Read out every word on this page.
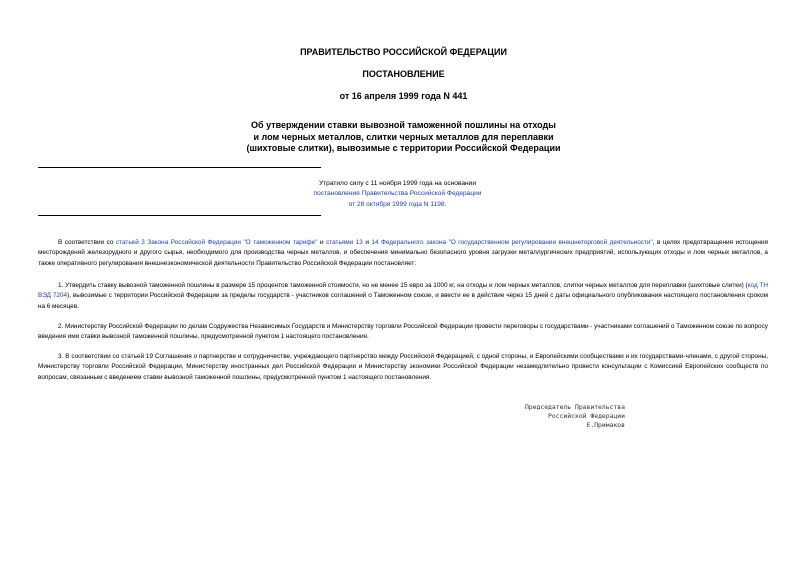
ПРАВИТЕЛЬСТВО РОССИЙСКОЙ ФЕДЕРАЦИИ
ПОСТАНОВЛЕНИЕ
от 16 апреля 1999 года N 441
Об утверждении ставки вывозной таможенной пошлины на отходы
и лом черных металлов, слитки черных металлов для переплавки
(шихтовые слитки), вывозимые с территории Российской Федерации
Утратило силу с 11 ноября 1999 года на основании
постановления Правительства Российской Федерации
от 28 октября 1999 года N 1198.
В соответствии со статьей 3 Закона Российской Федерации "О таможенном тарифе" и статьями 13 и 14 Федерального закона "О государственном регулировании внешнеторговой деятельности", в целях предотвращения истощения месторождений железорудного и другого сырья, необходимого для производства черных металлов, и обеспечения минимально безопасного уровня загрузки металлургических предприятий, использующих отходы и лом черных металлов, а также оперативного регулирования внешнеэкономической деятельности Правительство Российской Федерации постановляет:
1. Утвердить ставку вывозной таможенной пошлины в размере 15 процентов таможенной стоимости, но не менее 15 евро за 1000 кг, на отходы и лом черных металлов, слитки черных металлов для переплавки (шихтовые слитки) (код ТН ВЭД 7204), вывозимые с территории Российской Федерации за пределы государств - участников соглашений о Таможенном союзе, и ввести ее в действие через 15 дней с даты официального опубликования настоящего постановления сроком на 6 месяцев.
2. Министерству Российской Федерации по делам Содружества Независимых Государств и Министерству торговли Российской Федерации провести переговоры с государствами - участниками соглашений о Таможенном союзе по вопросу введения ими ставки вывозной таможенной пошлины, предусмотренной пунктом 1 настоящего постановления.
3. В соответствии со статьей 19 Соглашения о партнерстве и сотрудничестве, учреждающего партнерство между Российской Федерацией, с одной стороны, и Европейскими сообществами и их государствами-членами, с другой стороны, Министерству торговли Российской Федерации, Министерству иностранных дел Российской Федерации и Министерству экономики Российской Федерации незамедлительно провести консультации с Комиссией Европейских сообществ по вопросам, связанным с введением ставки вывозной таможенной пошлины, предусмотренной пунктом 1 настоящего постановления.
Председатель Правительства
Российской Федерации
Е.Примаков
